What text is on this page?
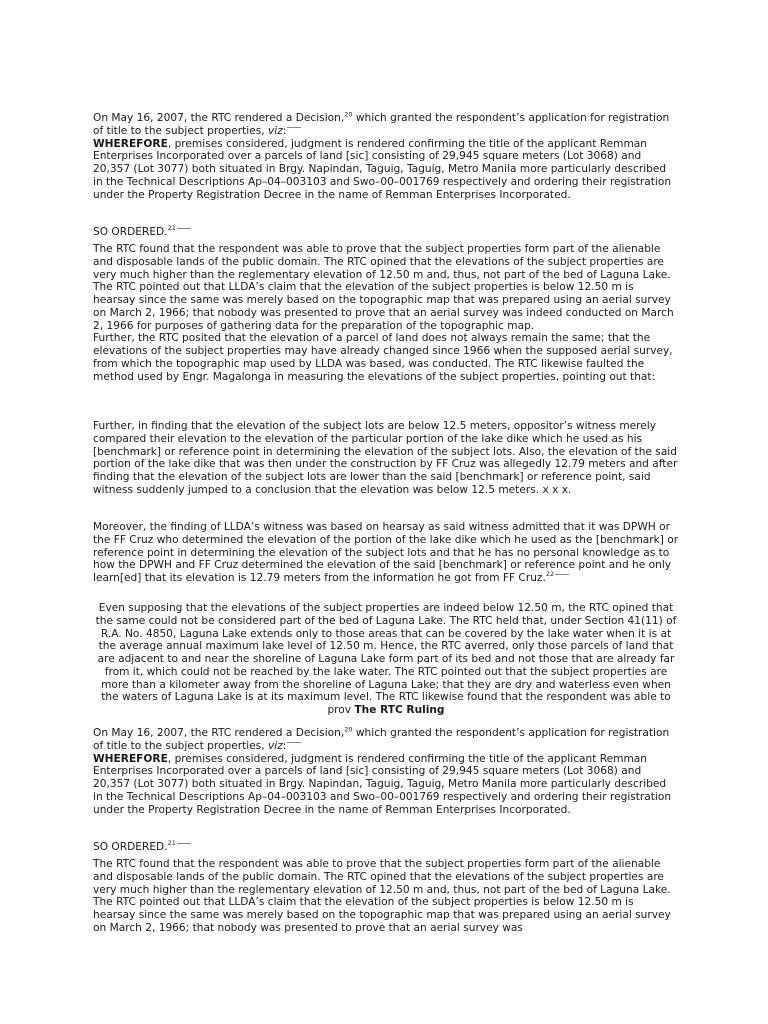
On May 16, 2007, the RTC rendered a Decision,$^{20}$ which granted the respondent’s application for registration of title to the subject properties, viz:
WHEREFORE, premises considered, judgment is rendered confirming the title of the applicant Remman Enterprises Incorporated over a parcels of land [sic] consisting of 29,945 square meters (Lot 3068) and 20,357 (Lot 3077) both situated in Brgy. Napindan, Taguig, Taguig, Metro Manila more particularly described in the Technical Descriptions Ap–04–003103 and Swo–00–001769 respectively and ordering their registration under the Property Registration Decree in the name of Remman Enterprises Incorporated.

SO ORDERED.$^{21}$

The RTC found that the respondent was able to prove that the subject properties form part of the alienable and disposable lands of the public domain. The RTC opined that the elevations of the subject properties are very much higher than the reglementary elevation of 12.50 m and, thus, not part of the bed of Laguna Lake. The RTC pointed out that LLDA’s claim that the elevation of the subject properties is below 12.50 m is hearsay since the same was merely based on the topographic map that was prepared using an aerial survey on March 2, 1966; that nobody was presented to prove that an aerial survey was indeed conducted on March 2, 1966 for purposes of gathering data for the preparation of the topographic map.
Further, the RTC posited that the elevation of a parcel of land does not always remain the same; that the elevations of the subject properties may have already changed since 1966 when the supposed aerial survey, from which the topographic map used by LLDA was based, was conducted. The RTC likewise faulted the method used by Engr. Magalonga in measuring the elevations of the subject properties, pointing out that:

Further, in finding that the elevation of the subject lots are below 12.5 meters, oppositor’s witness merely compared their elevation to the elevation of the particular portion of the lake dike which he used as his [benchmark] or reference point in determining the elevation of the subject lots. Also, the elevation of the said portion of the lake dike that was then under the construction by FF Cruz was allegedly 12.79 meters and after finding that the elevation of the subject lots are lower than the said [benchmark] or reference point, said witness suddenly jumped to a conclusion that the elevation was below 12.5 meters. x x x.

Moreover, the finding of LLDA’s witness was based on hearsay as said witness admitted that it was DPWH or the FF Cruz who determined the elevation of the portion of the lake dike which he used as the [benchmark] or reference point in determining the elevation of the subject lots and that he has no personal knowledge as to how the DPWH and FF Cruz determined the elevation of the said [benchmark] or reference point and he only learn[ed] that its elevation is 12.79 meters from the information he got from FF Cruz.$^{22}$

Even supposing that the elevations of the subject properties are indeed below 12.50 m, the RTC opined that the same could not be considered part of the bed of Laguna Lake. The RTC held that, under Section 41(11) of R.A. No. 4850, Laguna Lake extends only to those areas that can be covered by the lake water when it is at the average annual maximum lake level of 12.50 m. Hence, the RTC averred, only those parcels of land that are adjacent to and near the shoreline of Laguna Lake form part of its bed and not those that are already far from it, which could not be reached by the lake water. The RTC pointed out that the subject properties are more than a kilometer away from the shoreline of Laguna Lake; that they are dry and waterless even when the waters of Laguna Lake is at its maximum level. The RTC likewise found that the respondent was able to prov The RTC Ruling

On May 16, 2007, the RTC rendered a Decision,$^{20}$ which granted the respondent’s application for registration of title to the subject properties, viz:
WHEREFORE, premises considered, judgment is rendered confirming the title of the applicant Remman Enterprises Incorporated over a parcels of land [sic] consisting of 29,945 square meters (Lot 3068) and 20,357 (Lot 3077) both situated in Brgy. Napindan, Taguig, Taguig, Metro Manila more particularly described in the Technical Descriptions Ap–04–003103 and Swo–00–001769 respectively and ordering their registration under the Property Registration Decree in the name of Remman Enterprises Incorporated.

SO ORDERED.$^{21}$

The RTC found that the respondent was able to prove that the subject properties form part of the alienable and disposable lands of the public domain. The RTC opined that the elevations of the subject properties are very much higher than the reglementary elevation of 12.50 m and, thus, not part of the bed of Laguna Lake. The RTC pointed out that LLDA’s claim that the elevation of the subject properties is below 12.50 m is hearsay since the same was merely based on the topographic map that was prepared using an aerial survey on March 2, 1966; that nobody was presented to prove that an aerial survey was
